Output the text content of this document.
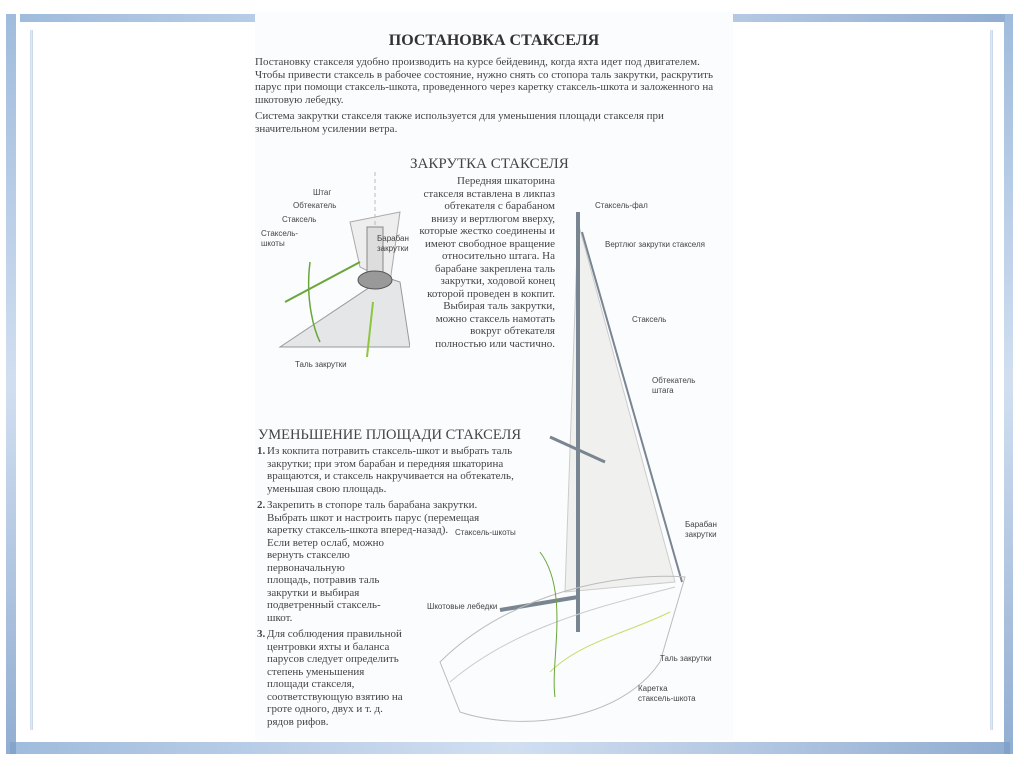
ПОСТАНОВКА СТАКСЕЛЯ

Постановку стакселя удобно производить на курсе бейдевинд, когда яхта идет под двигателем. Чтобы привести стаксель в рабочее состояние, нужно снять со стопора таль закрутки, раскрутить парус при помощи стаксель-шкота, проведенного через каретку стаксель-шкота и заложенного на шкотовую лебедку.

Система закрутки стакселя также используется для уменьшения площади стакселя при значительном усилении ветра.

Штаг
Обтекатель
Стаксель
Стаксель-
шкоты
Барабан
закрутки
Таль закрутки
ЗАКРУТКА СТАКСЕЛЯ
Передняя шкаторина стакселя вставлена в ликпаз обтекателя с барабаном внизу и вертлюгом вверху, которые жестко соединены и имеют свободное вращение относительно штага. На барабане закреплена таль закрутки, ходовой конец которой проведен в кокпит. Выбирая таль закрутки, можно стаксель намотать вокруг обтекателя полностью или частично.
Стаксель-фал
Вертлюг закрутки стакселя
Стаксель
Обтекатель
штага
Стаксель-шкоты
Барабан
закрутки
Шкотовые лебедки
Таль закрутки
Каретка
стаксель-шкота
УМЕНЬШЕНИЕ ПЛОЩАДИ СТАКСЕЛЯ
1. Из кокпита потравить стаксель-шкот и выбрать таль закрутки; при этом барабан и передняя шкаторина вращаются, и стаксель накручивается на обтекатель, уменьшая свою площадь.
2. Закрепить в стопоре таль барабана закрутки. Выбрать шкот и настроить парус (перемещая каретку стаксель-шкота вперед-назад).
Если ветер ослаб, можно вернуть стакселю первоначальную площадь, потравив таль закрутки и выбирая подветренный стаксель-шкот.
3. Для соблюдения правильной центровки яхты и баланса парусов следует определить степень уменьшения площади стакселя, соответствующую взятию на гроте одного, двух и т. д. рядов рифов.
